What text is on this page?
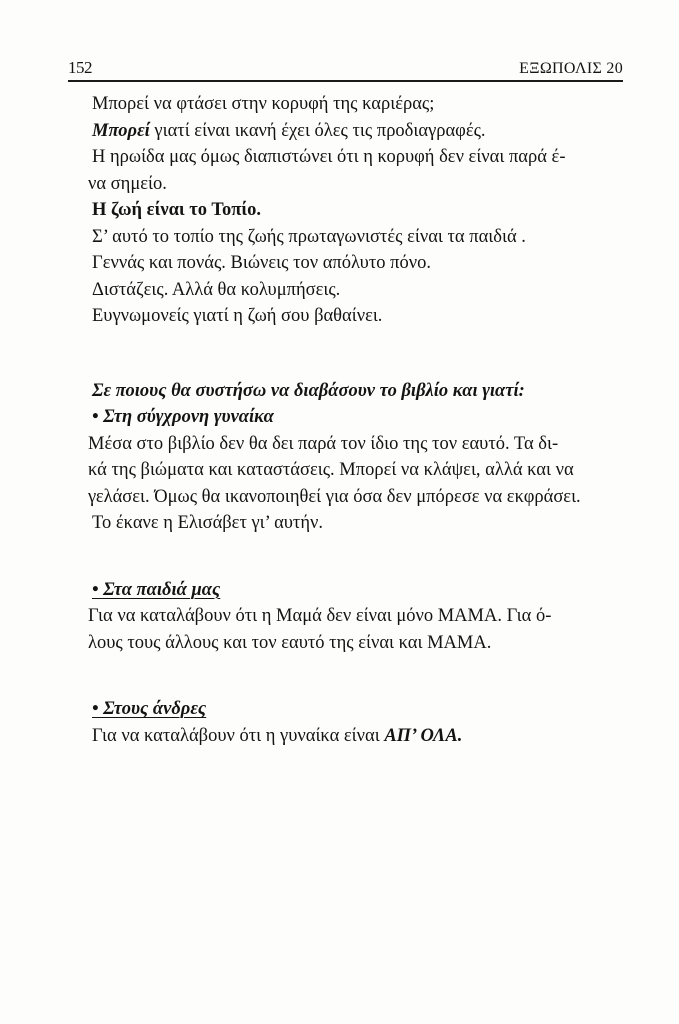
152	ΕΞΩΠΟΛΙΣ 20

Μπορεί να φτάσει στην κορυφή της καριέρας;

Μπορεί γιατί είναι ικανή έχει όλες τις προδιαγραφές.

Η ηρωίδα μας όμως διαπιστώνει ότι η κορυφή δεν είναι παρά έ-

να σημείο.

Η ζωή είναι το Τοπίο.

Σ’ αυτό το τοπίο της ζωής πρωταγωνιστές είναι τα παιδιά .

Γεννάς και πονάς. Βιώνεις τον απόλυτο πόνο.

Διστάζεις. Αλλά θα κολυμπήσεις.

Ευγνωμονείς γιατί η ζωή σου βαθαίνει.

Σε ποιους θα συστήσω να διαβάσουν το βιβλίο και γιατί:

• Στη σύγχρονη γυναίκα

Μέσα στο βιβλίο δεν θα δει παρά τον ίδιο της τον εαυτό. Τα δι-

κά της βιώματα και καταστάσεις. Μπορεί να κλάψει, αλλά και να

γελάσει. Όμως θα ικανοποιηθεί για όσα δεν μπόρεσε να εκφράσει.

Το έκανε η Ελισάβετ γι’ αυτήν.

• Στα παιδιά μας

Για να καταλάβουν ότι η Μαμά δεν είναι μόνο ΜΑΜΑ. Για ό-

λους τους άλλους και τον εαυτό της είναι και ΜΑΜΑ.

• Στους άνδρες

Για να καταλάβουν ότι η γυναίκα είναι ΑΠ’ ΟΛΑ.
